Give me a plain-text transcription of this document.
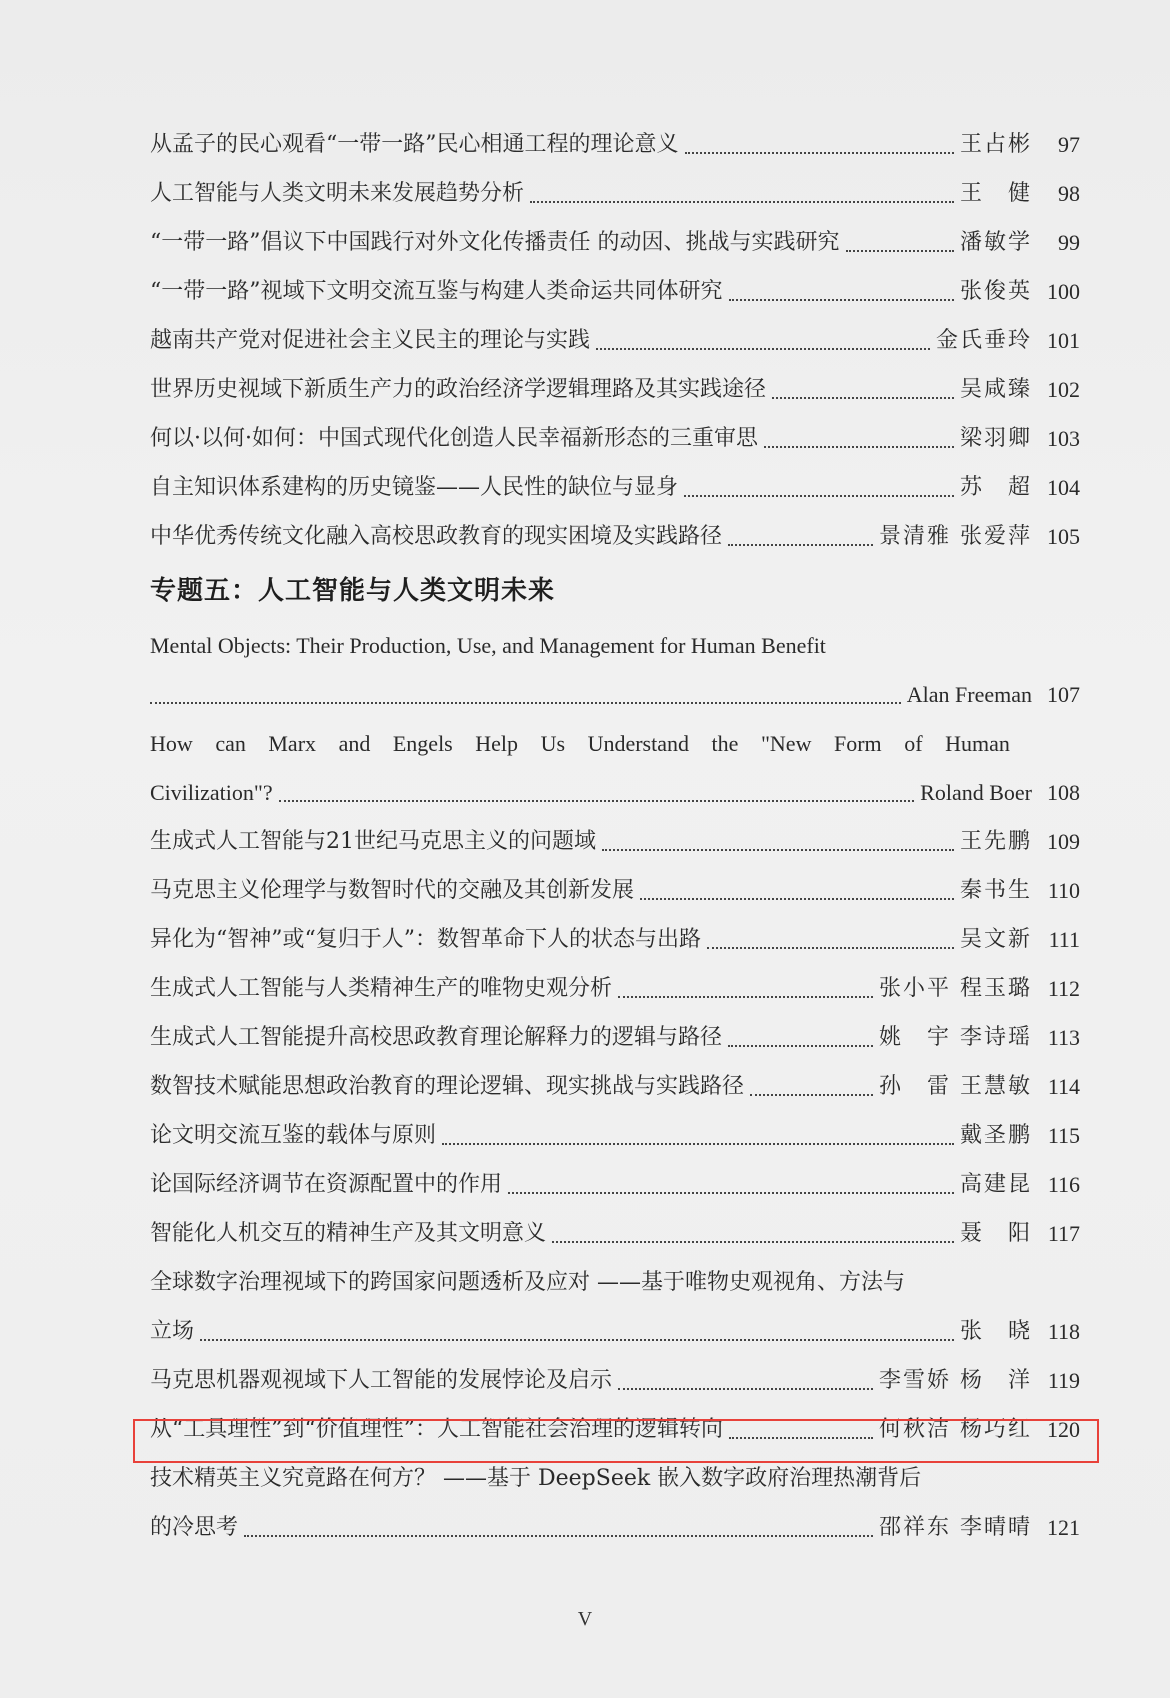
从孟子的民心观看“一带一路”民心相通工程的理论意义	王占彬	97
人工智能与人类文明未来发展趋势分析	王　健	98
“一带一路”倡议下中国践行对外文化传播责任 的动因、挑战与实践研究	潘敏学	99
“一带一路”视域下文明交流互鉴与构建人类命运共同体研究	张俊英 100
越南共产党对促进社会主义民主的理论与实践	金氏垂玲 101
世界历史视域下新质生产力的政治经济学逻辑理路及其实践途径	吴咸臻 102
何以·以何·如何：中国式现代化创造人民幸福新形态的三重审思	梁羽卿 103
自主知识体系建构的历史镜鉴——人民性的缺位与显身	苏　超 104
中华优秀传统文化融入高校思政教育的现实困境及实践路径	景清雅 张爱萍 105
专题五：人工智能与人类文明未来
Mental Objects: Their Production, Use, and Management for Human Benefit
Alan Freeman 107
How can Marx and Engels Help Us Understand the "New Form of Human
Civilization"?	Roland Boer 108
生成式人工智能与21世纪马克思主义的问题域	王先鹏 109
马克思主义伦理学与数智时代的交融及其创新发展	秦书生 110
异化为“智神”或“复归于人”：数智革命下人的状态与出路	吴文新 111
生成式人工智能与人类精神生产的唯物史观分析	张小平 程玉璐 112
生成式人工智能提升高校思政教育理论解释力的逻辑与路径	姚　宇 李诗瑶 113
数智技术赋能思想政治教育的理论逻辑、现实挑战与实践路径	孙　雷 王慧敏 114
论文明交流互鉴的载体与原则	戴圣鹏 115
论国际经济调节在资源配置中的作用	高建昆 116
智能化人机交互的精神生产及其文明意义	聂　阳 117
全球数字治理视域下的跨国家问题透析及应对 ——基于唯物史观视角、方法与
立场	张　晓 118
马克思机器观视域下人工智能的发展悖论及启示	李雪娇 杨　洋 119
从“工具理性”到“价值理性”：人工智能社会治理的逻辑转向	何秋洁 杨巧红 120
技术精英主义究竟路在何方？ ——基于 DeepSeek 嵌入数字政府治理热潮背后
的冷思考	邵祥东 李晴晴 121
V
